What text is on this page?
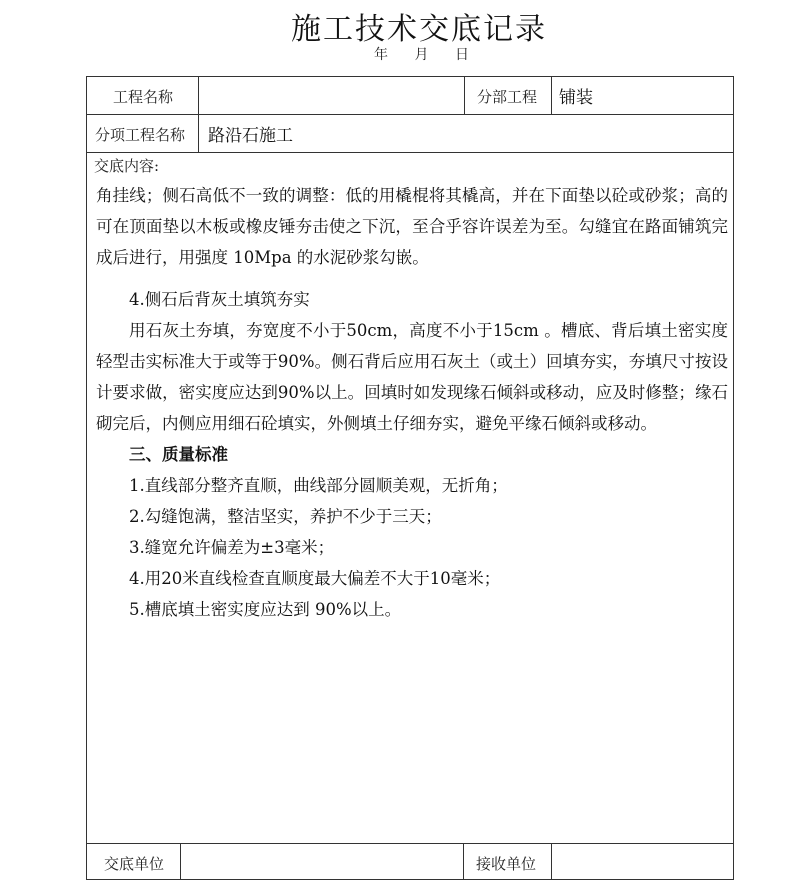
施工技术交底记录
年 月 日
工程名称	分部工程 铺装
分项工程名称 路沿石施工
交底内容:

角挂线；侧石高低不一致的调整：低的用橇棍将其橇高，并在下面垫以砼或砂浆；高的可在顶面垫以木板或橡皮锤夯击使之下沉，至合乎容许误差为至。勾缝宜在路面铺筑完成后进行，用强度 10Mpa 的水泥砂浆勾嵌。

4.侧石后背灰土填筑夯实

用石灰土夯填，夯宽度不小于50cm，高度不小于15cm 。槽底、背后填土密实度轻型击实标准大于或等于90%。侧石背后应用石灰土（或土）回填夯实，夯填尺寸按设计要求做，密实度应达到90%以上。回填时如发现缘石倾斜或移动，应及时修整；缘石砌完后，内侧应用细石砼填实，外侧填土仔细夯实，避免平缘石倾斜或移动。

三、质量标准

1.直线部分整齐直顺，曲线部分圆顺美观，无折角；

2.勾缝饱满，整洁坚实，养护不少于三天；

3.缝宽允许偏差为±3毫米；

4.用20米直线检查直顺度最大偏差不大于10毫米；

5.槽底填土密实度应达到 90%以上。

交底单位	接收单位
